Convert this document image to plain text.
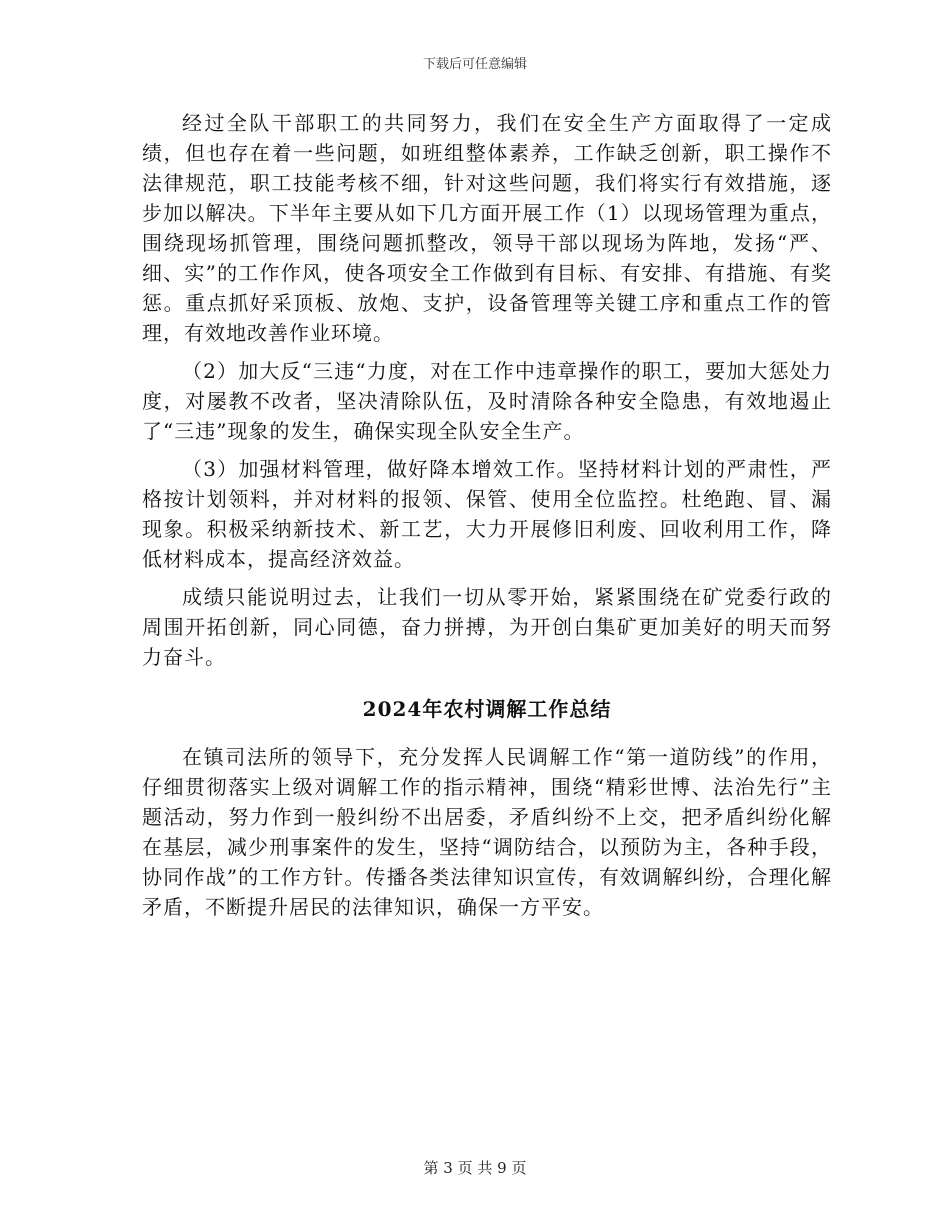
下载后可任意编辑

经过全队干部职工的共同努力，我们在安全生产方面取得了一定成绩，但也存在着一些问题，如班组整体素养，工作缺乏创新，职工操作不法律规范，职工技能考核不细，针对这些问题，我们将实行有效措施，逐步加以解决。下半年主要从如下几方面开展工作（1）以现场管理为重点，围绕现场抓管理，围绕问题抓整改，领导干部以现场为阵地，发扬“严、细、实”的工作作风，使各项安全工作做到有目标、有安排、有措施、有奖惩。重点抓好采顶板、放炮、支护，设备管理等关键工序和重点工作的管理，有效地改善作业环境。

（2）加大反“三违“力度，对在工作中违章操作的职工，要加大惩处力度，对屡教不改者，坚决清除队伍，及时清除各种安全隐患，有效地遏止了“三违”现象的发生，确保实现全队安全生产。

（3）加强材料管理，做好降本增效工作。坚持材料计划的严肃性，严格按计划领料，并对材料的报领、保管、使用全位监控。杜绝跑、冒、漏现象。积极采纳新技术、新工艺，大力开展修旧利废、回收利用工作，降低材料成本，提高经济效益。

成绩只能说明过去，让我们一切从零开始，紧紧围绕在矿党委行政的周围开拓创新，同心同德，奋力拼搏，为开创白集矿更加美好的明天而努力奋斗。

2024年农村调解工作总结

在镇司法所的领导下，充分发挥人民调解工作“第一道防线”的作用，仔细贯彻落实上级对调解工作的指示精神，围绕“精彩世博、法治先行”主题活动，努力作到一般纠纷不出居委，矛盾纠纷不上交，把矛盾纠纷化解在基层，减少刑事案件的发生，坚持“调防结合，以预防为主，各种手段，协同作战”的工作方针。传播各类法律知识宣传，有效调解纠纷，合理化解矛盾，不断提升居民的法律知识，确保一方平安。

第 3 页 共 9 页
